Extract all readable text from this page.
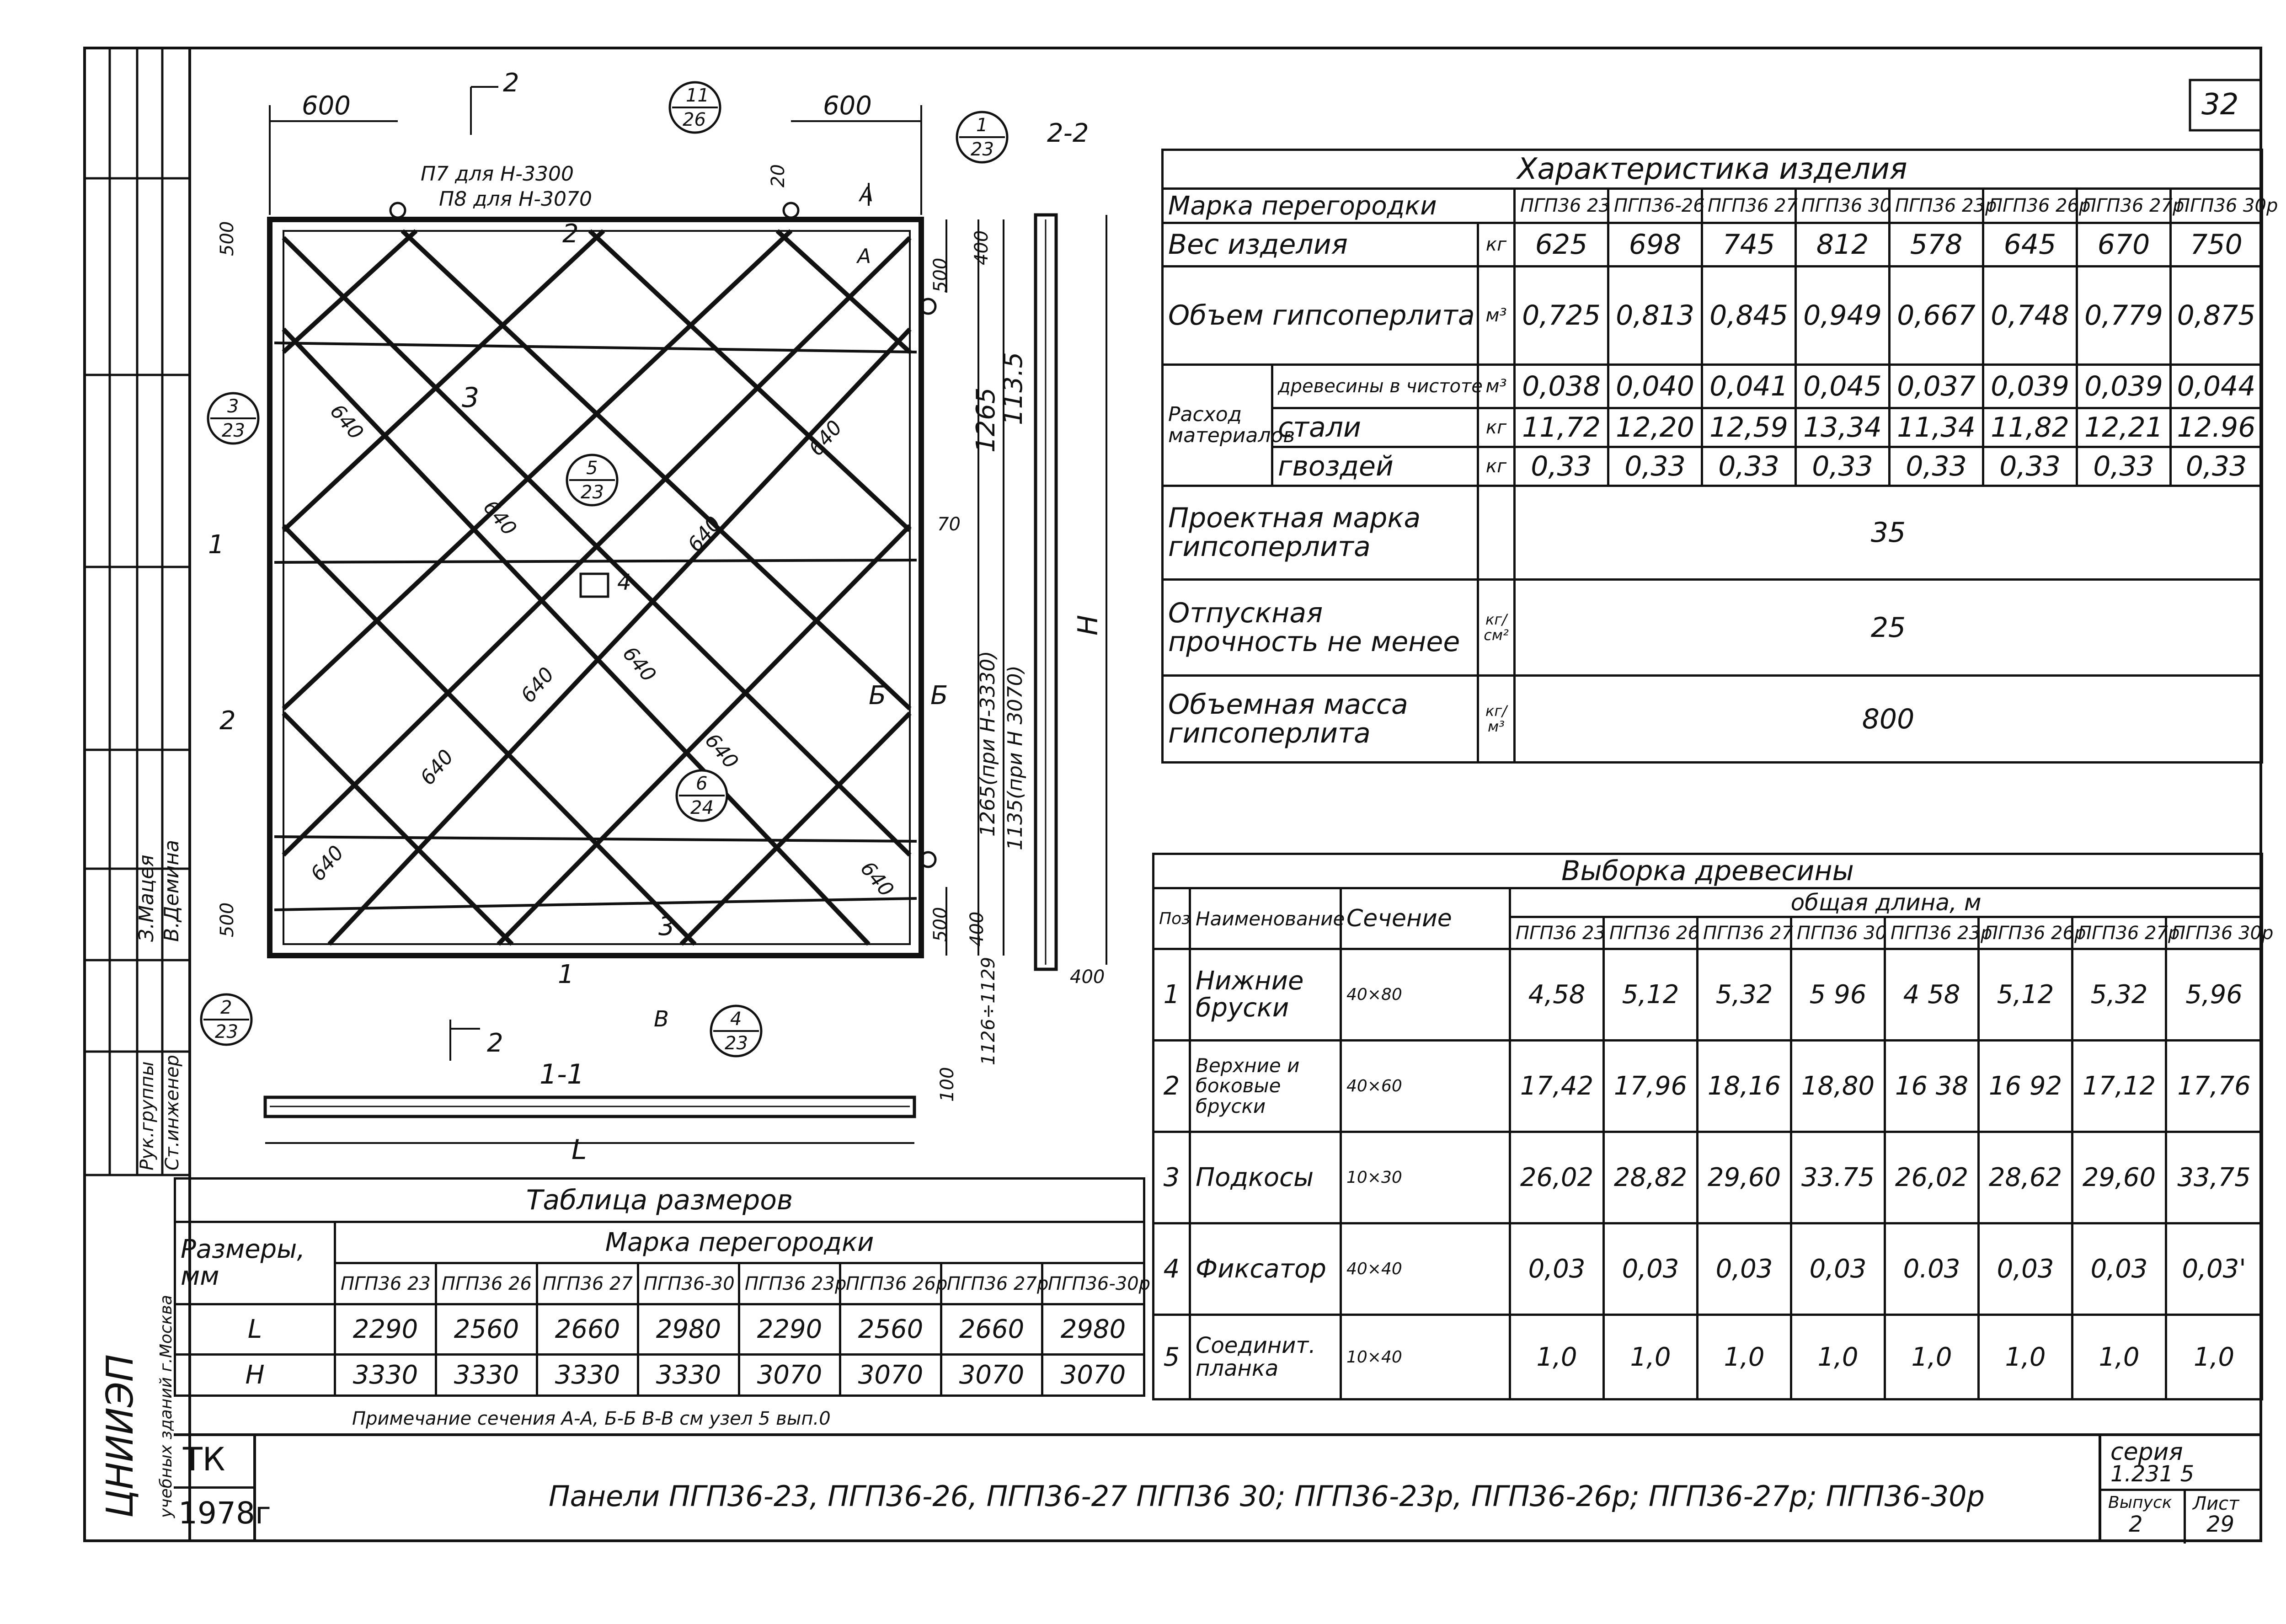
32
600	600
2
П7 для Н-3300
П8 для Н-3070	А
А
11
26	1
23
3
23
5
23
6
24
2
23
4
23
2-2
1-1
2
3
3
4
1
2
1
2
Б Б
В
L
H
1265
113.5
1265(при Н-3330) 1135(при Н 3070)
1126÷1129
500
400
500
500	500 400
400
100
20
70
640
640
640
640
640	640
640
640
640	640
З.Мацея В.Демина
Рук.группы Ст.инженер
ЦНИИЭП учебных зданий г.Москва
Характеристика изделия										
Марка перегородки			ПГП36 23	ПГП36-26	ПГП36 27	ПГП36 30	ПГП36 23р	ПГП36 26р	ПГП36 27р	ПГП36 30р
Вес изделия		кг	625	698	745	812	578	645	670	750
Объем гипсоперлита		м³	0,725	0,813	0,845	0,949	0,667	0,748	0,779	0,875
Расход материалов	древесины в чистоте	м³	0,038	0,040	0,041	0,045	0,037	0,039	0,039	0,044
	стали	кг	11,72	12,20	12,59	13,34	11,34	11,82	12,21	12.96
	гвоздей	кг	0,33	0,33	0,33	0,33	0,33	0,33	0,33	0,33
Проектная марка гипсоперлита			35							
Отпускная прочность не менее		кг/см²	25							
Объемная масса гипсоперлита		кг/м³	800							
Выборка древесины										
Поз	Наименование	Сечение	общая длина, м							
			ПГП36 23	ПГП36 26	ПГП36 27	ПГП36 30	ПГП36 23р	ПГП36 26р	ПГП36 27р	ПГП36 30р
1	Нижние бруски	40×80	4,58	5,12	5,32	5 96	4 58	5,12	5,32	5,96
2	Верхние и боковые бруски	40×60	17,42	17,96	18,16	18,80	16 38	16 92	17,12	17,76
3	Подкосы	10×30	26,02	28,82	29,60	33.75	26,02	28,62	29,60	33,75
4	Фиксатор	40×40	0,03	0,03	0,03	0,03	0.03	0,03	0,03	0,03'
5	Соединит. планка	10×40	1,0	1,0	1,0	1,0	1,0	1,0	1,0	1,0
Таблица размеров								
Размеры, мм	Марка перегородки							
	ПГП36 23	ПГП36 26	ПГП36 27	ПГП36-30	ПГП36 23р	ПГП36 26р	ПГП36 27р	ПГП36-30р
L	2290	2560	2660	2980	2290	2560	2660	2980
H	3330	3330	3330	3330	3070	3070	3070	3070
Примечание сечения А-А, Б-Б В-В см узел 5 вып.0
ТК
1978г	Панели ПГП36-23, ПГП36-26, ПГП36-27 ПГП36 30; ПГП36-23р, ПГП36-26р; ПГП36-27р; ПГП36-30р
серия
1.231 5
Выпуск
2
Лист
29
